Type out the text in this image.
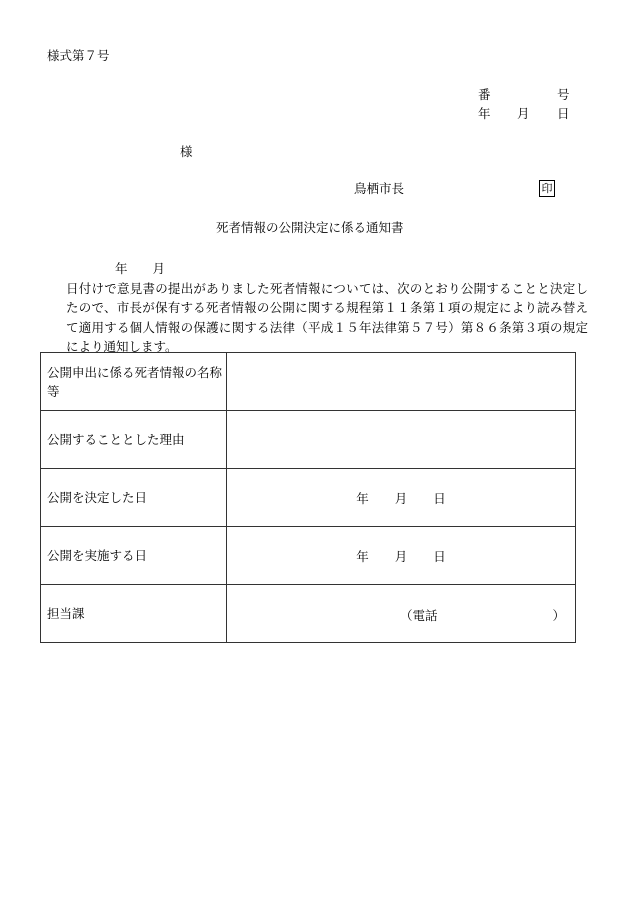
様式第７号
番	号
年 月 日
様
鳥栖市長	印
死者情報の公開決定に係る通知書
年 月日付けで意見書の提出がありました死者情報については、次のとおり公開することと決定したので、市長が保有する死者情報の公開に関する規程第１１条第１項の規定により読み替えて適用する個人情報の保護に関する法律（平成１５年法律第５７号）第８６条第３項の規定により通知します。
公開申出に係る死者情報の名称等	
公開することとした理由	
公開を決定した日	年 月 日
公開を実施する日	年 月 日
担当課	（電話 ）
